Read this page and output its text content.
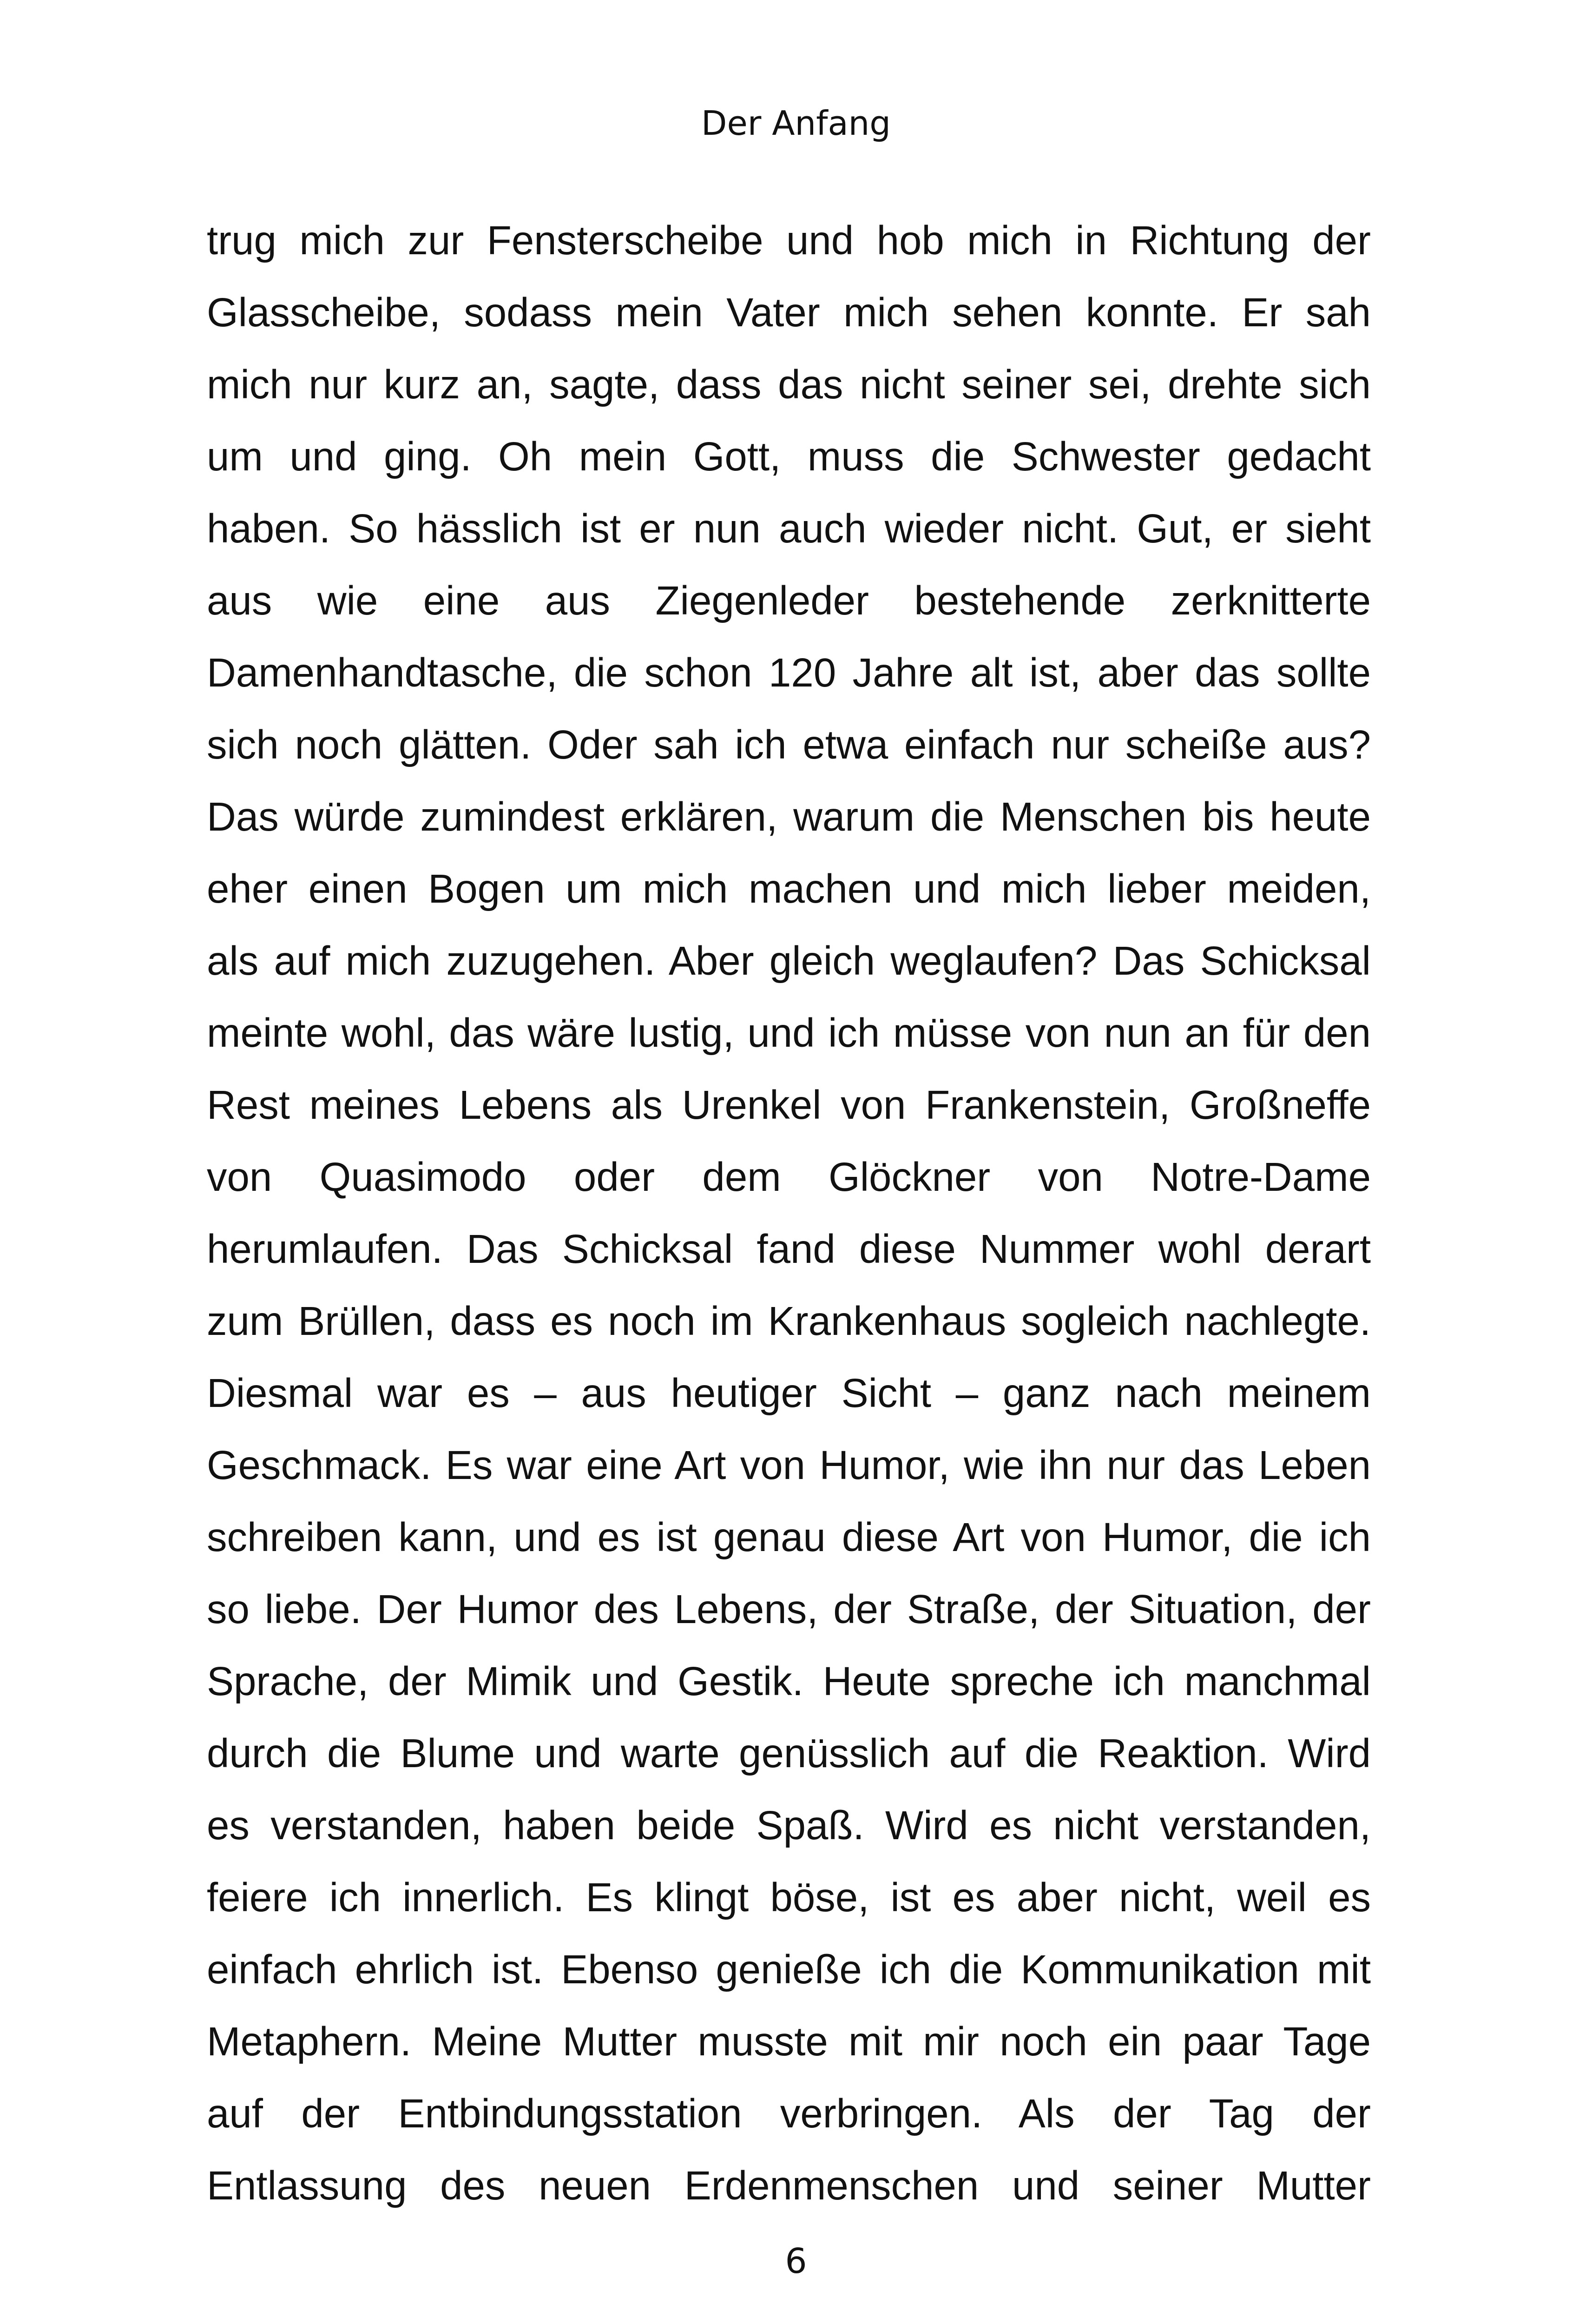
Der Anfang
trug mich zur Fensterscheibe und hob mich in Richtung der
Glasscheibe, sodass mein Vater mich sehen konnte. Er sah
mich nur kurz an, sagte, dass das nicht seiner sei, drehte sich
um und ging. Oh mein Gott, muss die Schwester gedacht
haben. So hässlich ist er nun auch wieder nicht. Gut, er sieht
aus wie eine aus Ziegenleder bestehende zerknitterte
Damenhandtasche, die schon 120 Jahre alt ist, aber das sollte
sich noch glätten. Oder sah ich etwa einfach nur scheiße aus?
Das würde zumindest erklären, warum die Menschen bis heute
eher einen Bogen um mich machen und mich lieber meiden,
als auf mich zuzugehen. Aber gleich weglaufen? Das Schicksal
meinte wohl, das wäre lustig, und ich müsse von nun an für den
Rest meines Lebens als Urenkel von Frankenstein, Großneffe
von Quasimodo oder dem Glöckner von Notre-Dame
herumlaufen. Das Schicksal fand diese Nummer wohl derart
zum Brüllen, dass es noch im Krankenhaus sogleich nachlegte.
Diesmal war es – aus heutiger Sicht – ganz nach meinem
Geschmack. Es war eine Art von Humor, wie ihn nur das Leben
schreiben kann, und es ist genau diese Art von Humor, die ich
so liebe. Der Humor des Lebens, der Straße, der Situation, der
Sprache, der Mimik und Gestik. Heute spreche ich manchmal
durch die Blume und warte genüsslich auf die Reaktion. Wird
es verstanden, haben beide Spaß. Wird es nicht verstanden,
feiere ich innerlich. Es klingt böse, ist es aber nicht, weil es
einfach ehrlich ist. Ebenso genieße ich die Kommunikation mit
Metaphern. Meine Mutter musste mit mir noch ein paar Tage
auf der Entbindungsstation verbringen. Als der Tag der
Entlassung des neuen Erdenmenschen und seiner Mutter
6
